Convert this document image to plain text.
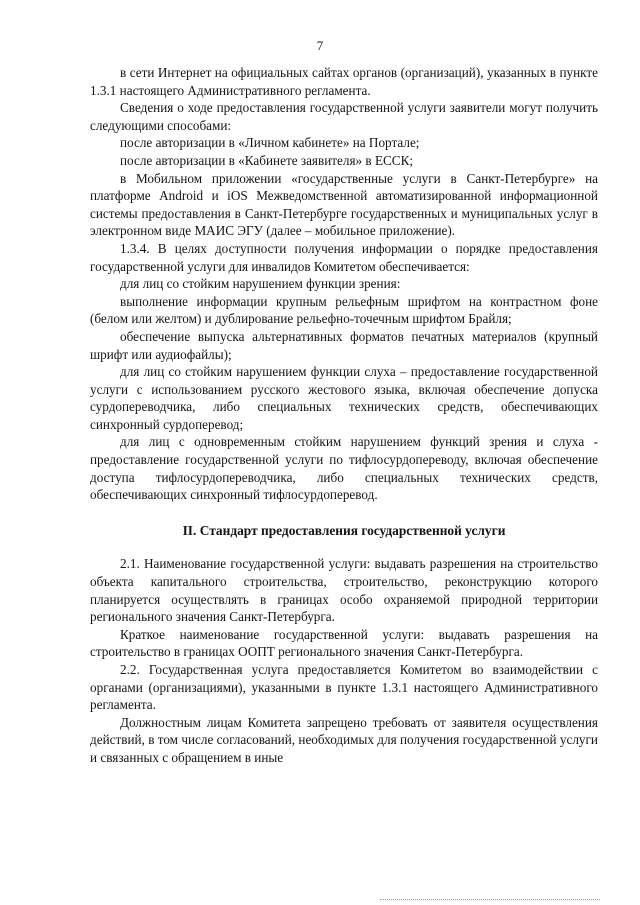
7

в сети Интернет на официальных сайтах органов (организаций), указанных в пункте 1.3.1 настоящего Административного регламента.

Сведения о ходе предоставления государственной услуги заявители могут получить следующими способами:

после авторизации в «Личном кабинете» на Портале;

после авторизации в «Кабинете заявителя» в ЕССК;

в Мобильном приложении «государственные услуги в Санкт-Петербурге» на платформе Android и iOS Межведомственной автоматизированной информационной системы предоставления в Санкт-Петербурге государственных и муниципальных услуг в электронном виде МАИС ЭГУ (далее – мобильное приложение).

1.3.4. В целях доступности получения информации о порядке предоставления государственной услуги для инвалидов Комитетом обеспечивается:

для лиц со стойким нарушением функции зрения:

выполнение информации крупным рельефным шрифтом на контрастном фоне (белом или желтом) и дублирование рельефно-точечным шрифтом Брайля;

обеспечение выпуска альтернативных форматов печатных материалов (крупный шрифт или аудиофайлы);

для лиц со стойким нарушением функции слуха – предоставление государственной услуги с использованием русского жестового языка, включая обеспечение допуска сурдопереводчика, либо специальных технических средств, обеспечивающих синхронный сурдоперевод;

для лиц с одновременным стойким нарушением функций зрения и слуха - предоставление государственной услуги по тифлосурдопереводу, включая обеспечение доступа тифлосурдопереводчика, либо специальных технических средств, обеспечивающих синхронный тифлосурдоперевод.

II. Стандарт предоставления государственной услуги

2.1. Наименование государственной услуги: выдавать разрешения на строительство объекта капитального строительства, строительство, реконструкцию которого планируется осуществлять в границах особо охраняемой природной территории регионального значения Санкт-Петербурга.

Краткое наименование государственной услуги: выдавать разрешения на строительство в границах ООПТ регионального значения Санкт-Петербурга.

2.2. Государственная услуга предоставляется Комитетом во взаимодействии с органами (организациями), указанными в пункте 1.3.1 настоящего Административного регламента.

Должностным лицам Комитета запрещено требовать от заявителя осуществления действий, в том числе согласований, необходимых для получения государственной услуги и связанных с обращением в иные
